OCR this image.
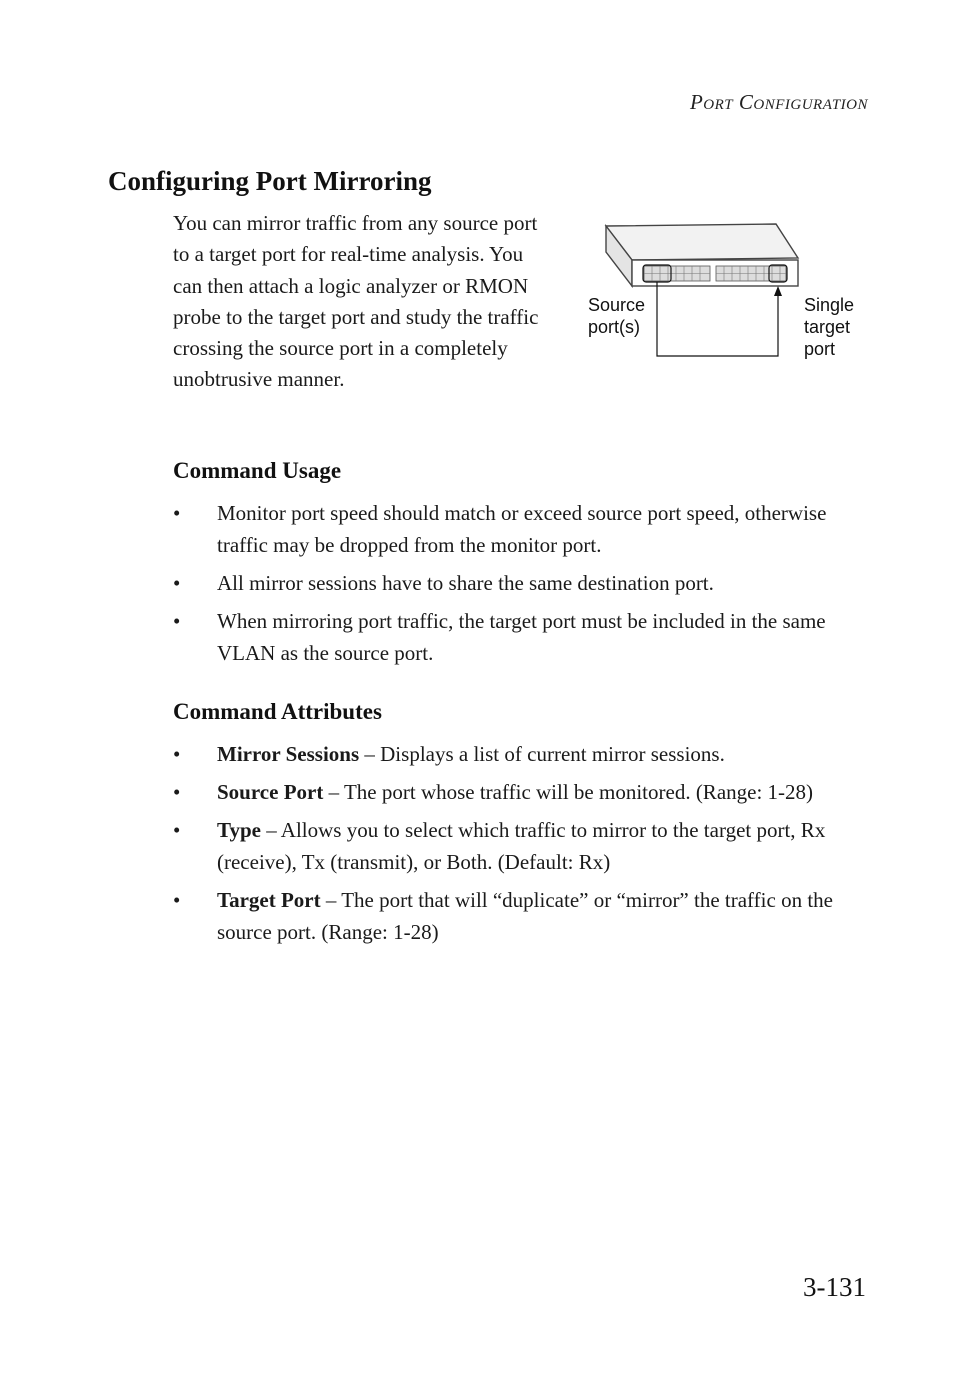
Port Configuration
Configuring Port Mirroring

You can mirror traffic from any source port to a target port for real-time analysis. You can then attach a logic analyzer or RMON probe to the target port and study the traffic crossing the source port in a completely unobtrusive manner.

Source
port(s)
Single
target
port
Command Usage
• Monitor port speed should match or exceed source port speed, otherwise traffic may be dropped from the monitor port.
• All mirror sessions have to share the same destination port.
• When mirroring port traffic, the target port must be included in the same VLAN as the source port.
Command Attributes
• Mirror Sessions – Displays a list of current mirror sessions.
• Source Port – The port whose traffic will be monitored. (Range: 1-28)
• Type – Allows you to select which traffic to mirror to the target port, Rx (receive), Tx (transmit), or Both. (Default: Rx)
• Target Port – The port that will “duplicate” or “mirror” the traffic on the source port. (Range: 1-28)
3-131
